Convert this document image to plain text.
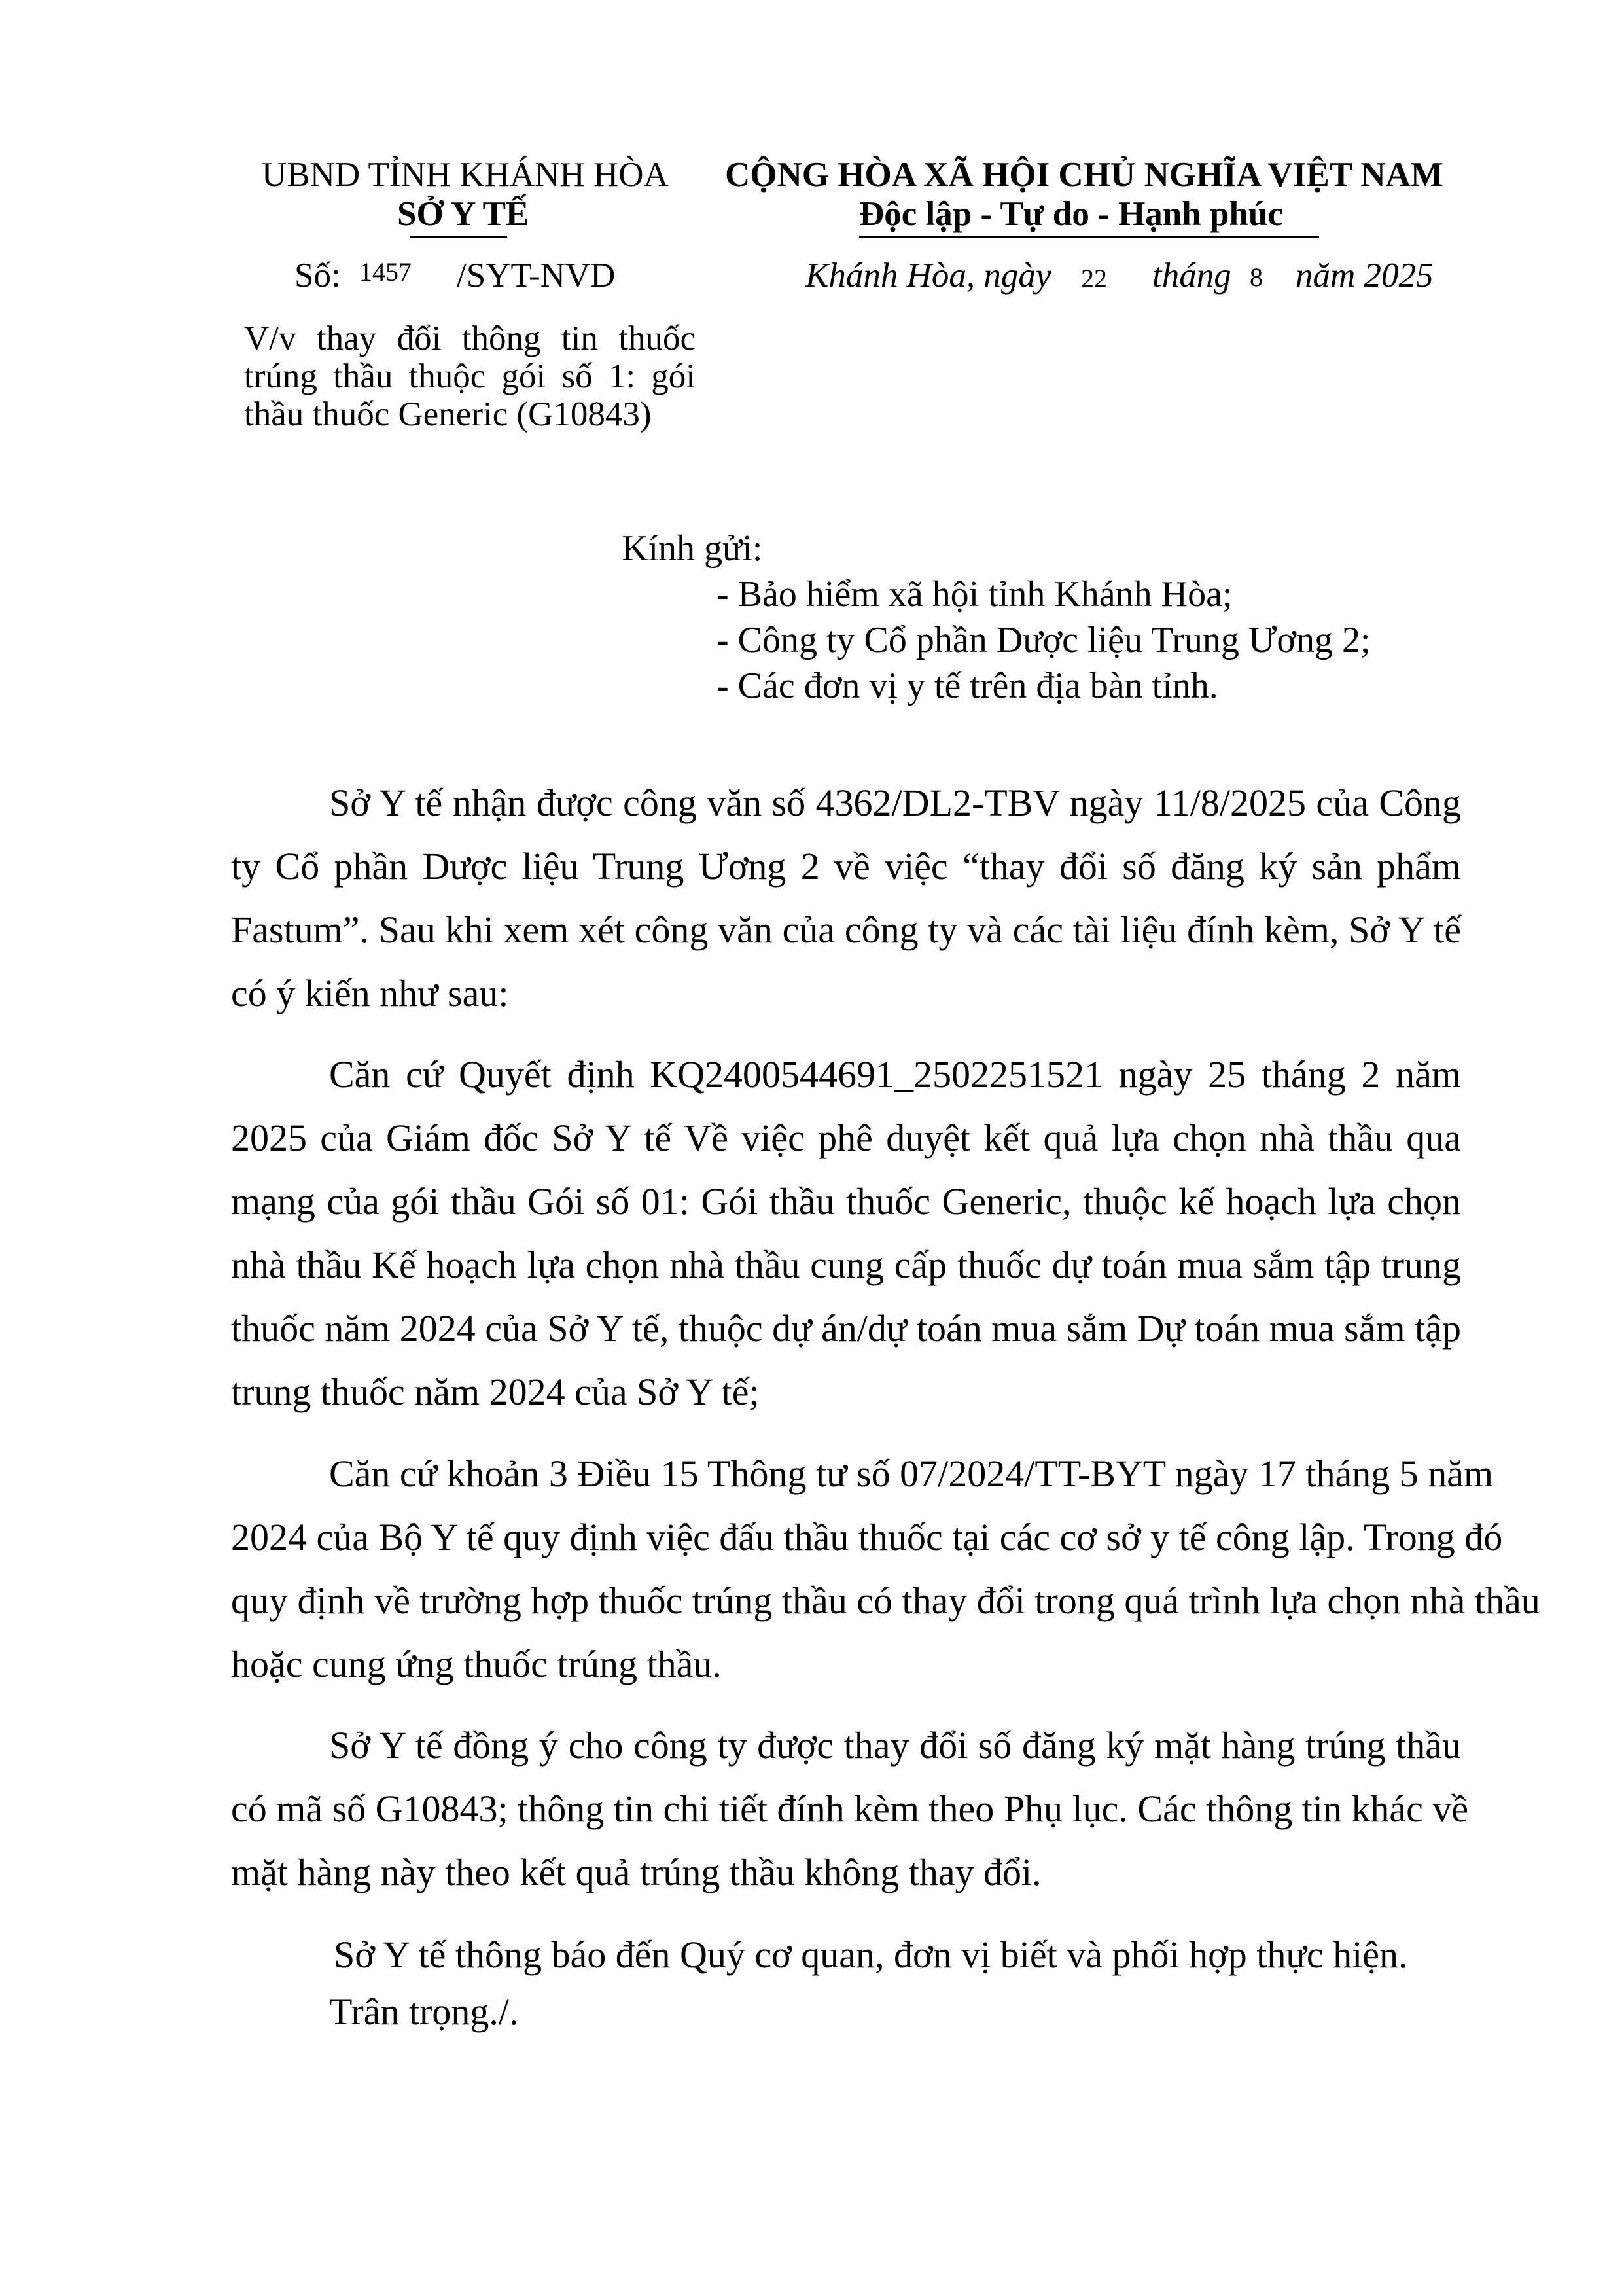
UBND TỈNH KHÁNH HÒA
SỞ Y TẾ
CỘNG HÒA XÃ HỘI CHỦ NGHĨA VIỆT NAM
Độc lập - Tự do - Hạnh phúc
Số: 1457 /SYT-NVD	Khánh Hòa, ngày 22 tháng 8 năm 2025
V/v thay đổi thông tin thuốc
trúng thầu thuộc gói số 1: gói
thầu thuốc Generic (G10843)
Kính gửi:
- Bảo hiểm xã hội tỉnh Khánh Hòa;
- Công ty Cổ phần Dược liệu Trung Ương 2;
- Các đơn vị y tế trên địa bàn tỉnh.
Sở Y tế nhận được công văn số 4362/DL2-TBV ngày 11/8/2025 của Công
ty Cổ phần Dược liệu Trung Ương 2 về việc “thay đổi số đăng ký sản phẩm
Fastum”. Sau khi xem xét công văn của công ty và các tài liệu đính kèm, Sở Y tế
có ý kiến như sau:
Căn cứ Quyết định KQ2400544691_2502251521 ngày 25 tháng 2 năm
2025 của Giám đốc Sở Y tế Về việc phê duyệt kết quả lựa chọn nhà thầu qua
mạng của gói thầu Gói số 01: Gói thầu thuốc Generic, thuộc kế hoạch lựa chọn
nhà thầu Kế hoạch lựa chọn nhà thầu cung cấp thuốc dự toán mua sắm tập trung
thuốc năm 2024 của Sở Y tế, thuộc dự án/dự toán mua sắm Dự toán mua sắm tập
trung thuốc năm 2024 của Sở Y tế;
Căn cứ khoản 3 Điều 15 Thông tư số 07/2024/TT-BYT ngày 17 tháng 5 năm
2024 của Bộ Y tế quy định việc đấu thầu thuốc tại các cơ sở y tế công lập. Trong đó
quy định về trường hợp thuốc trúng thầu có thay đổi trong quá trình lựa chọn nhà thầu
hoặc cung ứng thuốc trúng thầu.
Sở Y tế đồng ý cho công ty được thay đổi số đăng ký mặt hàng trúng thầu
có mã số G10843; thông tin chi tiết đính kèm theo Phụ lục. Các thông tin khác về
mặt hàng này theo kết quả trúng thầu không thay đổi.
Sở Y tế thông báo đến Quý cơ quan, đơn vị biết và phối hợp thực hiện.
Trân trọng./.
